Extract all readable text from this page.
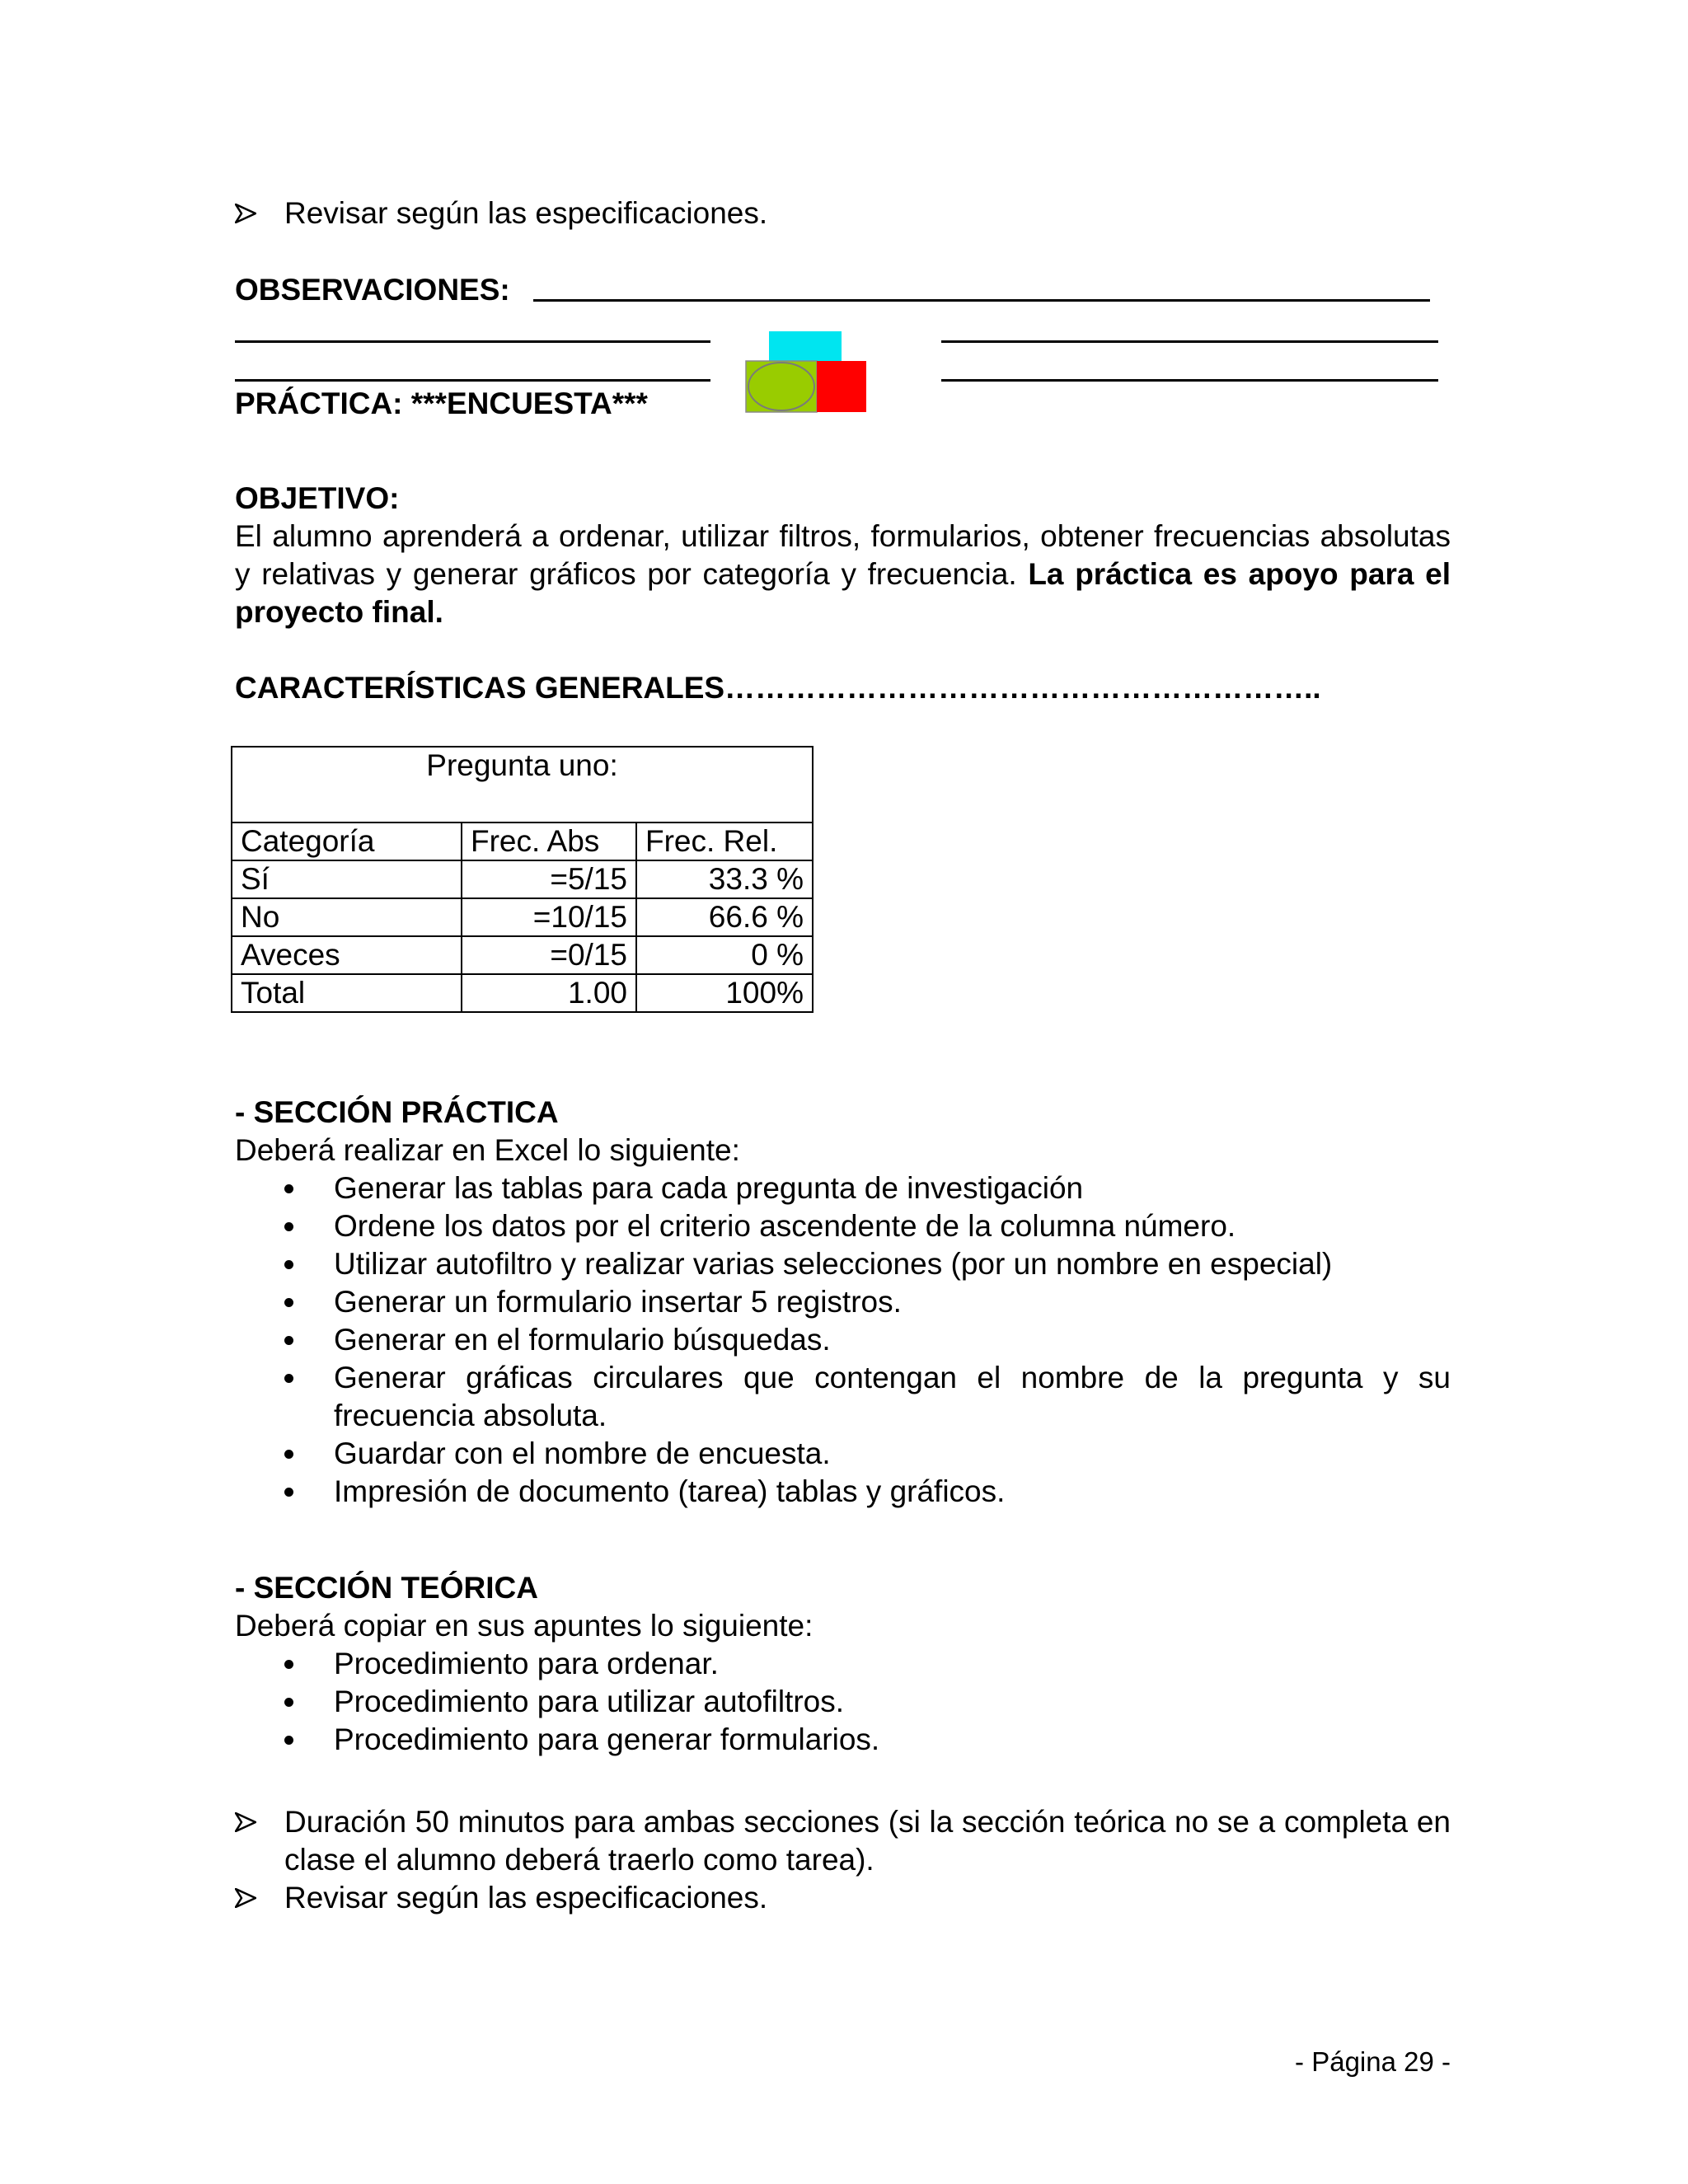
Revisar según las especificaciones.
OBSERVACIONES:
PRÁCTICA: ***ENCUESTA***
OBJETIVO:
El alumno aprenderá a ordenar, utilizar filtros, formularios, obtener frecuencias absolutas y relativas y generar gráficos por categoría y frecuencia. La práctica es apoyo para el proyecto final.
CARACTERÍSTICAS GENERALES…………………………………………………..
Pregunta uno:		
Categoría	Frec. Abs	Frec. Rel.
Sí	=5/15	33.3 %
No	=10/15	66.6 %
Aveces	=0/15	0 %
Total	1.00	100%
- SECCIÓN PRÁCTICA
Deberá realizar en Excel lo siguiente:
Generar las tablas para cada pregunta de investigación
Ordene los datos por el criterio ascendente de la columna número.
Utilizar autofiltro y realizar varias selecciones (por un nombre en especial)
Generar un formulario insertar 5 registros.
Generar en el formulario búsquedas.
Generar gráficas circulares que contengan el nombre de la pregunta y su frecuencia absoluta.
Guardar con el nombre de encuesta.
Impresión de documento (tarea) tablas y gráficos.
- SECCIÓN TEÓRICA
Deberá copiar en sus apuntes lo siguiente:
Procedimiento para ordenar.
Procedimiento para utilizar autofiltros.
Procedimiento para generar formularios.
Duración 50 minutos para ambas secciones (si la sección teórica no se a completa en clase el alumno deberá traerlo como tarea).
Revisar según las especificaciones.
- Página 29 -
